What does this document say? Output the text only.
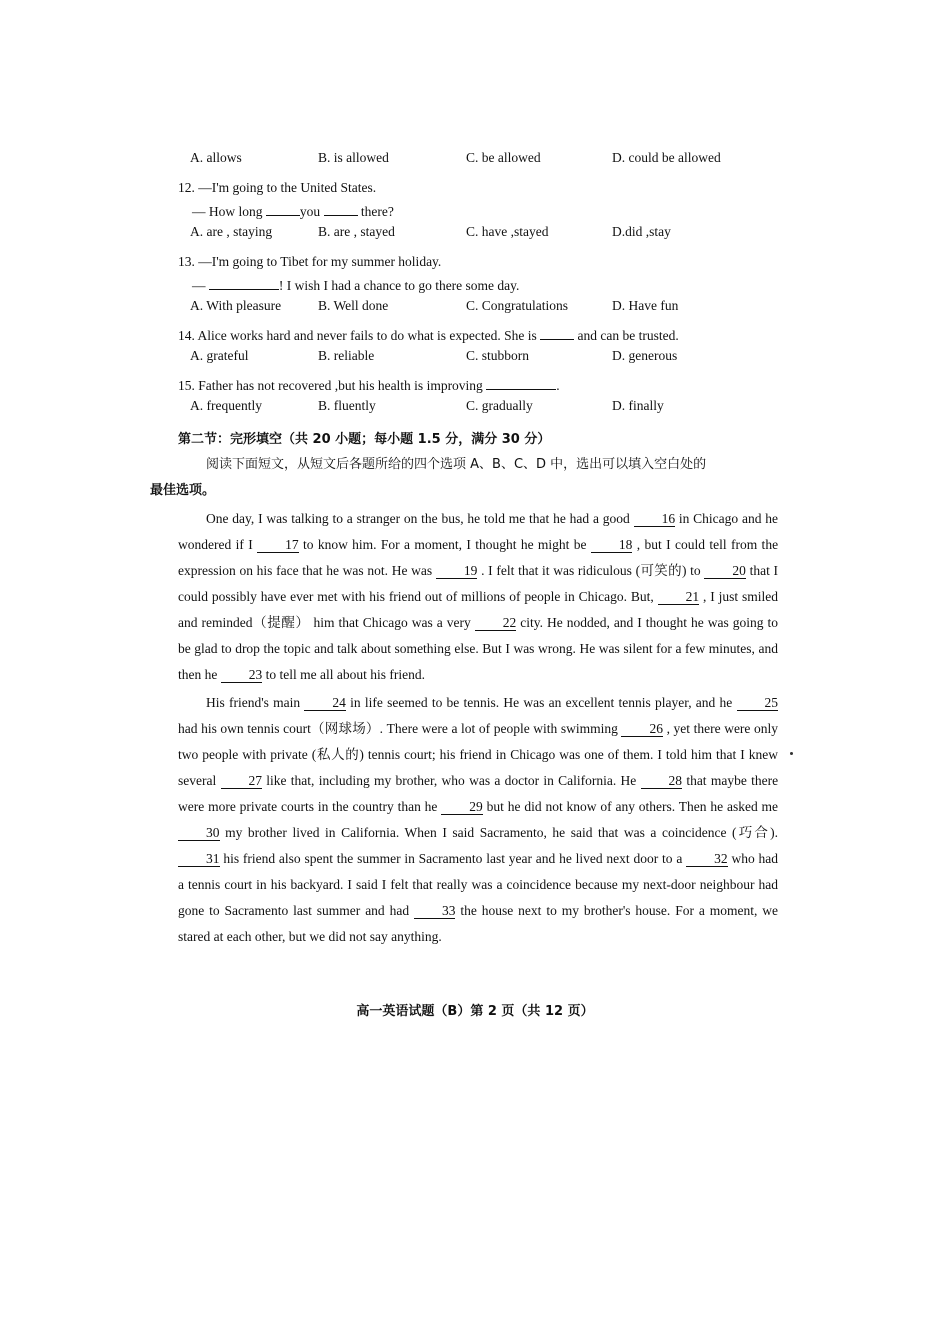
A. allows	B. is allowed	C. be allowed	D. could be allowed
12. —I'm going to the United States.
— How long	you	there?
A. are , staying	B. are , stayed	C. have ,stayed	D.did ,stay
13. —I'm going to Tibet for my summer holiday.
—	! I wish I had a chance to go there some day.
A. With pleasure	B. Well done	C. Congratulations	D. Have fun
14. Alice works hard and never fails to do what is expected. She is	and can be trusted.
A. grateful	B. reliable	C. stubborn	D. generous
15. Father has not recovered ,but his health is improving	.
A. frequently	B. fluently	C. gradually	D. finally
第二节：完形填空（共 20 小题；每小题 1.5 分，满分 30 分）
阅读下面短文，从短文后各题所给的四个选项 A、B、C、D 中，选出可以填入空白处的
最佳选项。
One day, I was talking to a stranger on the bus, he told me that he had a good 16 in Chicago and he wondered if I 17 to know him. For a moment, I thought he might be 18 , but I could tell from the expression on his face that he was not. He was 19 . I felt that it was ridiculous (可笑的) to 20 that I could possibly have ever met with his friend out of millions of people in Chicago. But, 21 , I just smiled and reminded（提醒） him that Chicago was a very 22 city. He nodded, and I thought he was going to be glad to drop the topic and talk about something else. But I was wrong. He was silent for a few minutes, and then he 23 to tell me all about his friend.
His friend's main 24 in life seemed to be tennis. He was an excellent tennis player, and he 25 had his own tennis court（网球场）. There were a lot of people with swimming 26 , yet there were only two people with private (私人的) tennis court; his friend in Chicago was one of them. I told him that I knew several 27 like that, including my brother, who was a doctor in California. He 28 that maybe there were more private courts in the country than he 29 but he did not know of any others. Then he asked me 30 my brother lived in California. When I said Sacramento, he said that was a coincidence (巧合). 31 his friend also spent the summer in Sacramento last year and he lived next door to a 32 who had a tennis court in his backyard. I said I felt that really was a coincidence because my next-door neighbour had gone to Sacramento last summer and had 33 the house next to my brother's house. For a moment, we stared at each other, but we did not say anything.
高一英语试题（B）第 2 页（共 12 页）
